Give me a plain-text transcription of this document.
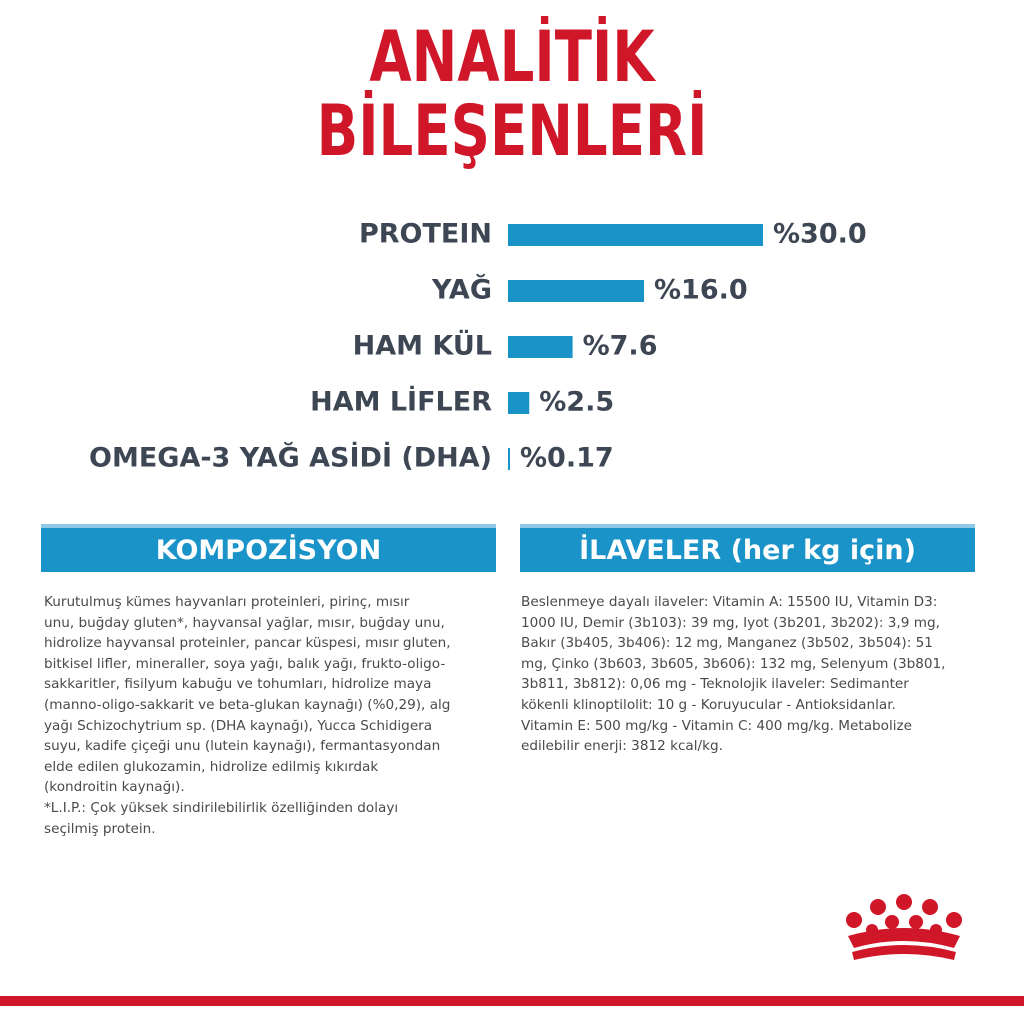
ANALİTİK
BİLEŞENLERİ
PROTEIN	%30.0
YAĞ	%16.0
HAM KÜL	%7.6
HAM LİFLER %2.5
OMEGA-3 YAĞ ASİDİ (DHA) %0.17
KOMPOZİSYON	İLAVELER (her kg için)
Kurutulmuş kümes hayvanları proteinleri, pirinç, mısır
unu, buğday gluten*, hayvansal yağlar, mısır, buğday unu,
hidrolize hayvansal proteinler, pancar küspesi, mısır gluten,
bitkisel lifler, mineraller, soya yağı, balık yağı, frukto-oligo-
sakkaritler, fisilyum kabuğu ve tohumları, hidrolize maya
(manno-oligo-sakkarit ve beta-glukan kaynağı) (%0,29), alg
yağı Schizochytrium sp. (DHA kaynağı), Yucca Schidigera
suyu, kadife çiçeği unu (lutein kaynağı), fermantasyondan
elde edilen glukozamin, hidrolize edilmiş kıkırdak
(kondroitin kaynağı).
*L.I.P.: Çok yüksek sindirilebilirlik özelliğinden dolayı
seçilmiş protein.
Beslenmeye dayalı ilaveler: Vitamin A: 15500 IU, Vitamin D3:
1000 IU, Demir (3b103): 39 mg, Iyot (3b201, 3b202): 3,9 mg,
Bakır (3b405, 3b406): 12 mg, Manganez (3b502, 3b504): 51
mg, Çinko (3b603, 3b605, 3b606): 132 mg, Selenyum (3b801,
3b811, 3b812): 0,06 mg - Teknolojik ilaveler: Sedimanter
kökenli klinoptilolit: 10 g - Koruyucular - Antioksidanlar.
Vitamin E: 500 mg/kg - Vitamin C: 400 mg/kg. Metabolize
edilebilir enerji: 3812 kcal/kg.
